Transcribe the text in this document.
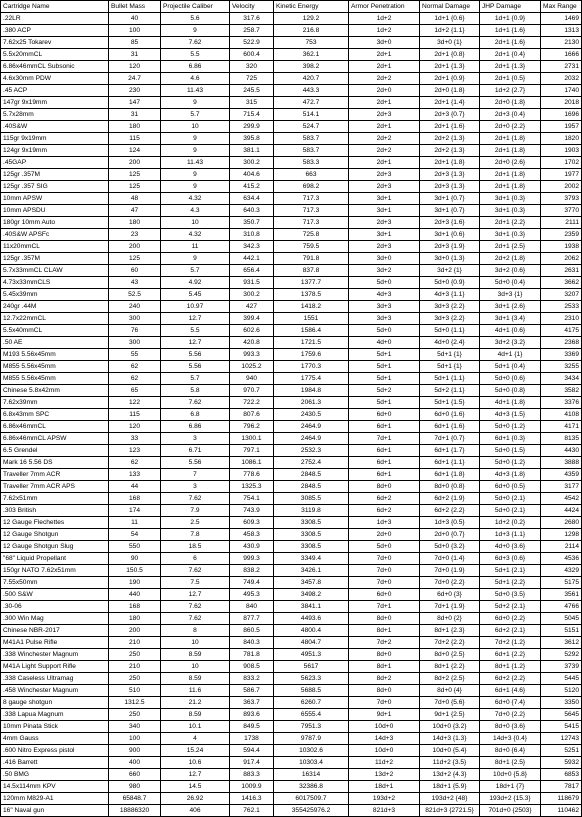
Cartridge Name	Bullet Mass	Projectile Caliber	Velocity	Kinetic Energy	Armor Penetration	Normal Damage	JHP Damage	Max Range
.22LR	40	5.6	317.6	129.2	1d+2	1d+1 {0.6}	1d+1 {0.9}	1469
.380 ACP	100	9	258.7	216.8	1d+2	1d+2 {1.1}	1d+1 {1.6}	1313
7.62x25 Tokarev	85	7.62	522.9	753	3d+0	3d+0 {1}	2d+1 {1.6}	2130
5.5x20mmCL	31	5.5	600.4	362.1	2d+1	2d+1 {0.8}	2d+1 {0.4}	1666
6.86x46mmCL Subsonic	120	6.86	320	398.2	2d+1	2d+1 {1.3}	2d+1 {1.3}	2731
4.6x30mm PDW	24.7	4.6	725	420.7	2d+2	2d+1 {0.9}	2d+1 {0.5}	2032
.45 ACP	230	11.43	245.5	443.3	2d+0	2d+0 {1.8}	1d+2 {2.7}	1740
147gr 9x19mm	147	9	315	472.7	2d+1	2d+1 {1.4}	2d+0 {1.8}	2018
5.7x28mm	31	5.7	715.4	514.1	2d+3	2d+3 {0.7}	2d+3 {0.4}	1696
.40S&W	180	10	299.9	524.7	2d+1	2d+1 {1.6}	2d+0 {2.2}	1957
115gr 9x19mm	115	9	395.8	583.7	2d+2	2d+2 {1.3}	2d+1 {1.8}	1820
124gr 9x19mm	124	9	381.1	583.7	2d+2	2d+2 {1.3}	2d+1 {1.8}	1903
.45GAP	200	11.43	300.2	583.3	2d+1	2d+1 {1.8}	2d+0 {2.6}	1702
125gr .357M	125	9	404.6	663	2d+3	2d+3 {1.3}	2d+1 {1.8}	1977
125gr .357 SIG	125	9	415.2	698.2	2d+3	2d+3 {1.3}	2d+1 {1.8}	2002
10mm APSW	48	4.32	634.4	717.3	3d+1	3d+1 {0.7}	3d+1 {0.3}	3793
10mm APSDU	47	4.3	640.3	717.3	3d+1	3d+1 {0.7}	3d+1 {0.3}	3770
180gr 10mm Auto	180	10	350.7	717.3	2d+3	2d+3 {1.6}	2d+1 {2.2}	2111
.40S&W APSFc	23	4.32	310.8	725.8	3d+1	3d+1 {0.6}	3d+1 {0.3}	2359
11x20mmCL	200	11	342.3	759.5	2d+3	2d+3 {1.9}	2d+1 {2.5}	1938
125gr .357M	125	9	442.1	791.8	3d+0	3d+0 {1.3}	2d+2 {1.8}	2062
5.7x33mmCL CLAW	60	5.7	656.4	837.8	3d+2	3d+2 {1}	3d+2 {0.6}	2631
4.73x33mmCLS	43	4.92	931.5	1377.7	5d+0	5d+0 {0.9}	5d+0 {0.4}	3662
5.45x39mm	52.5	5.45	300.2	1378.5	4d+3	4d+3 {1.1}	3d+3 {1}	3207
240gr .44M	240	10.97	427	1418.2	3d+3	3d+3 {2.2}	3d+1 {2.6}	2533
12.7x22mmCL	300	12.7	399.4	1551	3d+3	3d+3 {2.2}	3d+1 {3.4}	2310
5.5x40mmCL	76	5.5	602.6	1586.4	5d+0	5d+0 {1.1}	4d+1 {0.6}	4175
.50 AE	300	12.7	420.8	1721.5	4d+0	4d+0 {2.4}	3d+2 {3.2}	2368
M193 5.56x45mm	55	5.56	993.3	1759.6	5d+1	5d+1 {1}	4d+1 {1}	3369
M855 5.56x45mm	62	5.56	1025.2	1770.3	5d+1	5d+1 {1}	5d+1 {0.4}	3255
M855 5.56x45mm	62	5.7	940	1775.4	5d+1	5d+1 {1.1}	5d+0 {0.6}	3434
Chinese 5.8x42mm	65	5.8	970.7	1984.8	5d+2	5d+2 {1.1}	5d+0 {0.8}	3582
7.62x39mm	122	7.62	722.2	2061.3	5d+1	5d+1 {1.5}	4d+1 {1.8}	3376
6.8x43mm SPC	115	6.8	807.6	2430.5	6d+0	6d+0 {1.6}	4d+3 {1.5}	4108
6.86x46mmCL	120	6.86	796.2	2464.9	6d+1	6d+1 {1.6}	5d+0 {1.2}	4171
6.86x46mmCL APSW	33	3	1300.1	2464.9	7d+1	7d+1 {0.7}	6d+1 {0.3}	8135
6.5 Grendel	123	6.71	797.1	2532.3	6d+1	6d+1 {1.7}	5d+0 {1.5}	4430
Mark 16 5.56 DS	62	5.56	1086.1	2752.4	6d+1	6d+1 {1.1}	5d+0 {1.2}	3888
Traveller 7mm ACR	133	7	778.6	2848.5	6d+1	6d+1 {1.8}	4d+3 {1.8}	4359
Traveller 7mm ACR APS	44	3	1325.3	2848.5	8d+0	8d+0 {0.8}	6d+0 {0.5}	3177
7.62x51mm	168	7.62	754.1	3085.5	6d+2	6d+2 {1.9}	5d+0 {2.1}	4542
.303 British	174	7.9	743.9	3119.8	6d+2	6d+2 {2.2}	5d+0 {2.1}	4424
12 Gauge Flechettes	11	2.5	609.3	3308.5	1d+3	1d+3 {0.5}	1d+2 {0.2}	2680
12 Gauge Shotgun	54	7.8	458.3	3308.5	2d+0	2d+0 {0.7}	1d+3 {1.1}	1298
12 Gauge Shotgun Slug	550	18.5	430.9	3308.5	5d+0	5d+0 {3.2}	4d+0 {3.6}	2114
"68" Liquid Propellant	90	6	999.3	3349.4	7d+0	7d+0 {1.4}	6d+3 {0.6}	4536
150gr NATO 7.62x51mm	150.5	7.62	838.2	3426.1	7d+0	7d+0 {1.9}	5d+1 {2.1}	4329
7.55x50mm	190	7.5	749.4	3457.8	7d+0	7d+0 {2.2}	5d+1 {2.2}	5175
.500 S&W	440	12.7	495.3	3498.2	6d+0	6d+0 {3}	5d+0 {3.5}	3561
.30-06	168	7.62	840	3841.1	7d+1	7d+1 {1.9}	5d+2 {2.1}	4766
.300 Win Mag	180	7.62	877.7	4493.6	8d+0	8d+0 {2}	6d+0 {2.2}	5045
Chinese NBR-2017	200	8	860.5	4800.4	8d+1	8d+1 {2.3}	6d+2 {2.1}	5151
M41A1 Pulse Rifle	210	10	840.3	4804.7	7d+2	7d+2 {2.2}	7d+2 {1.2}	3612
.338 Winchester Magnum	250	8.59	781.8	4951.3	8d+0	8d+0 {2.5}	6d+1 {2.2}	5292
M41A Light Support Rifle	210	10	908.5	5617	8d+1	8d+1 {2.2}	8d+1 {1.2}	3739
.338 Caseless Ultramag	250	8.59	833.2	5623.3	8d+2	8d+2 {2.5}	6d+2 {2.2}	5445
.458 Winchester Magnum	510	11.6	586.7	5688.5	8d+0	8d+0 {4}	6d+1 {4.6}	5120
8 gauge shotgun	1312.5	21.2	363.7	6260.7	7d+0	7d+0 {5.6}	6d+0 {7.4}	3350
.338 Lapua Magnum	250	8.59	893.6	6555.4	9d+1	9d+1 {2.5}	7d+0 {2.2}	5645
10mm Pinata Stick	340	10.1	849.5	7951.3	10d+0	10d+0 {3.2}	8d+0 {3.6}	5415
4mm Gauss	100	4	1738	9787.9	14d+3	14d+3 {1.3}	14d+3 {0.4}	12743
.600 Nitro Express pistol	900	15.24	594.4	10302.6	10d+0	10d+0 {5.4}	8d+0 {6.4}	5251
.416 Barrett	400	10.6	917.4	10303.4	11d+2	11d+2 {3.5}	8d+1 {2.5}	5932
.50 BMG	660	12.7	883.3	16314	13d+2	13d+2 {4.3}	10d+0 {5.8}	6853
14.5x114mm KPV	980	14.5	1009.9	32386.8	18d+1	18d+1 {5.9}	18d+1 {7}	7817
120mm M829-A1	65848.7	26.92	1416.3	6017509.7	193d+2	193d+2 {48}	193d+2 {15.3}	118679
16" Naval gun	18886320	406	762.1	355425976.2	821d+3	821d+3 {2721.5}	701d+0 {2503}	110462
